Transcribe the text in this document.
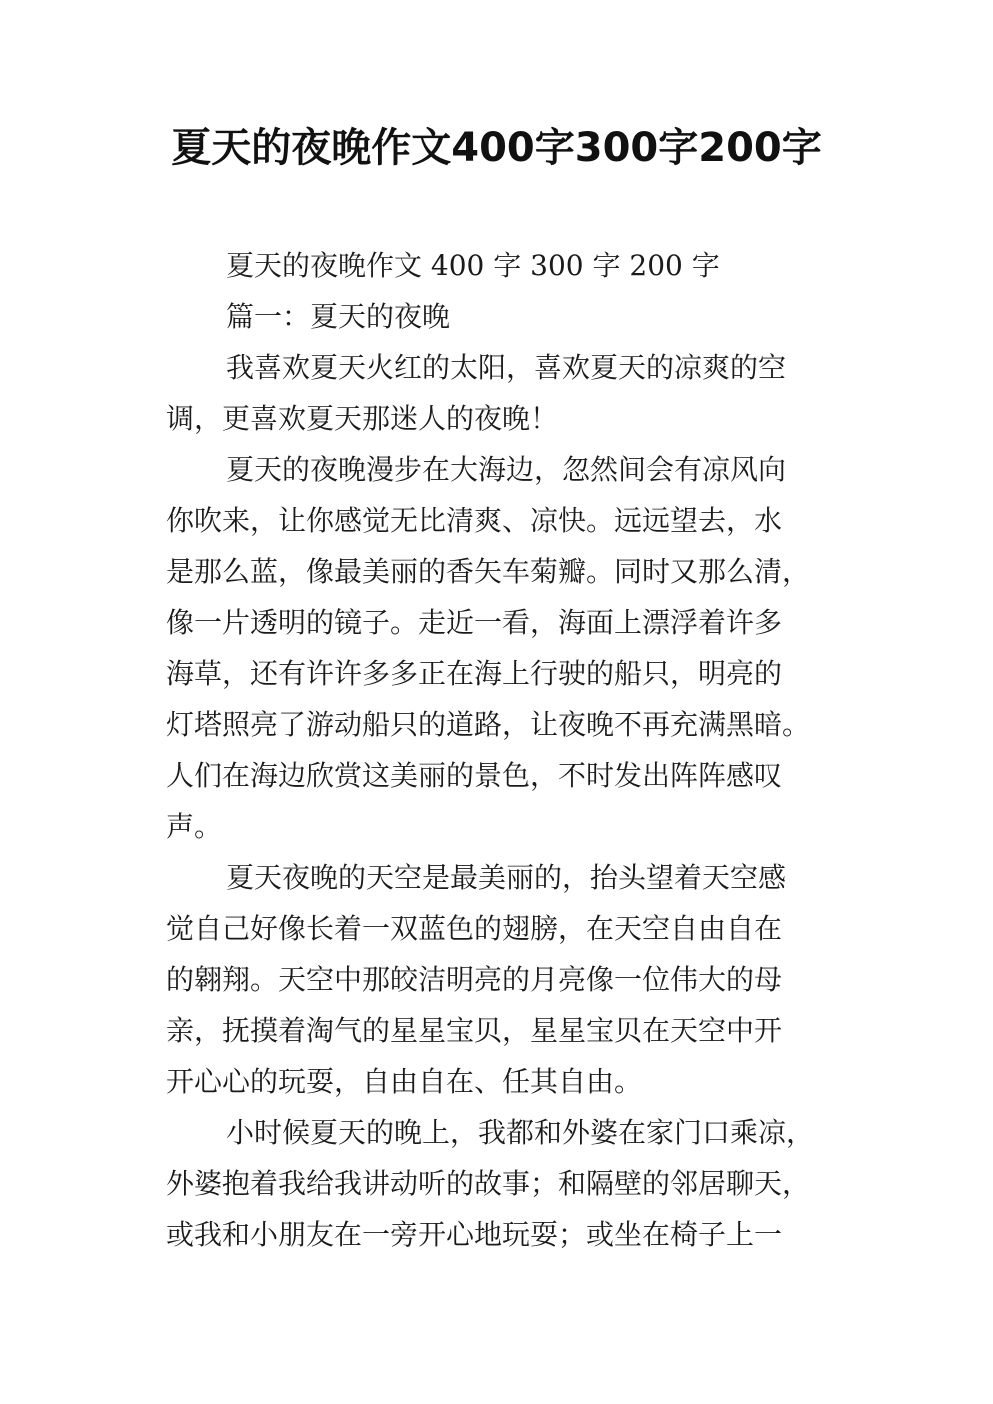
夏天的夜晚作文400字300字200字

夏天的夜晚作文 400 字 300 字 200 字

篇一：夏天的夜晚

我喜欢夏天火红的太阳，喜欢夏天的凉爽的空

调，更喜欢夏天那迷人的夜晚！

夏天的夜晚漫步在大海边，忽然间会有凉风向

你吹来，让你感觉无比清爽、凉快。远远望去，水

是那么蓝，像最美丽的香矢车菊瓣。同时又那么清，

像一片透明的镜子。走近一看，海面上漂浮着许多

海草，还有许许多多正在海上行驶的船只，明亮的

灯塔照亮了游动船只的道路，让夜晚不再充满黑暗。

人们在海边欣赏这美丽的景色，不时发出阵阵感叹

声。

夏天夜晚的天空是最美丽的，抬头望着天空感

觉自己好像长着一双蓝色的翅膀，在天空自由自在

的翱翔。天空中那皎洁明亮的月亮像一位伟大的母

亲，抚摸着淘气的星星宝贝，星星宝贝在天空中开

开心心的玩耍，自由自在、任其自由。

小时候夏天的晚上，我都和外婆在家门口乘凉，

外婆抱着我给我讲动听的故事；和隔壁的邻居聊天，

或我和小朋友在一旁开心地玩耍；或坐在椅子上一
